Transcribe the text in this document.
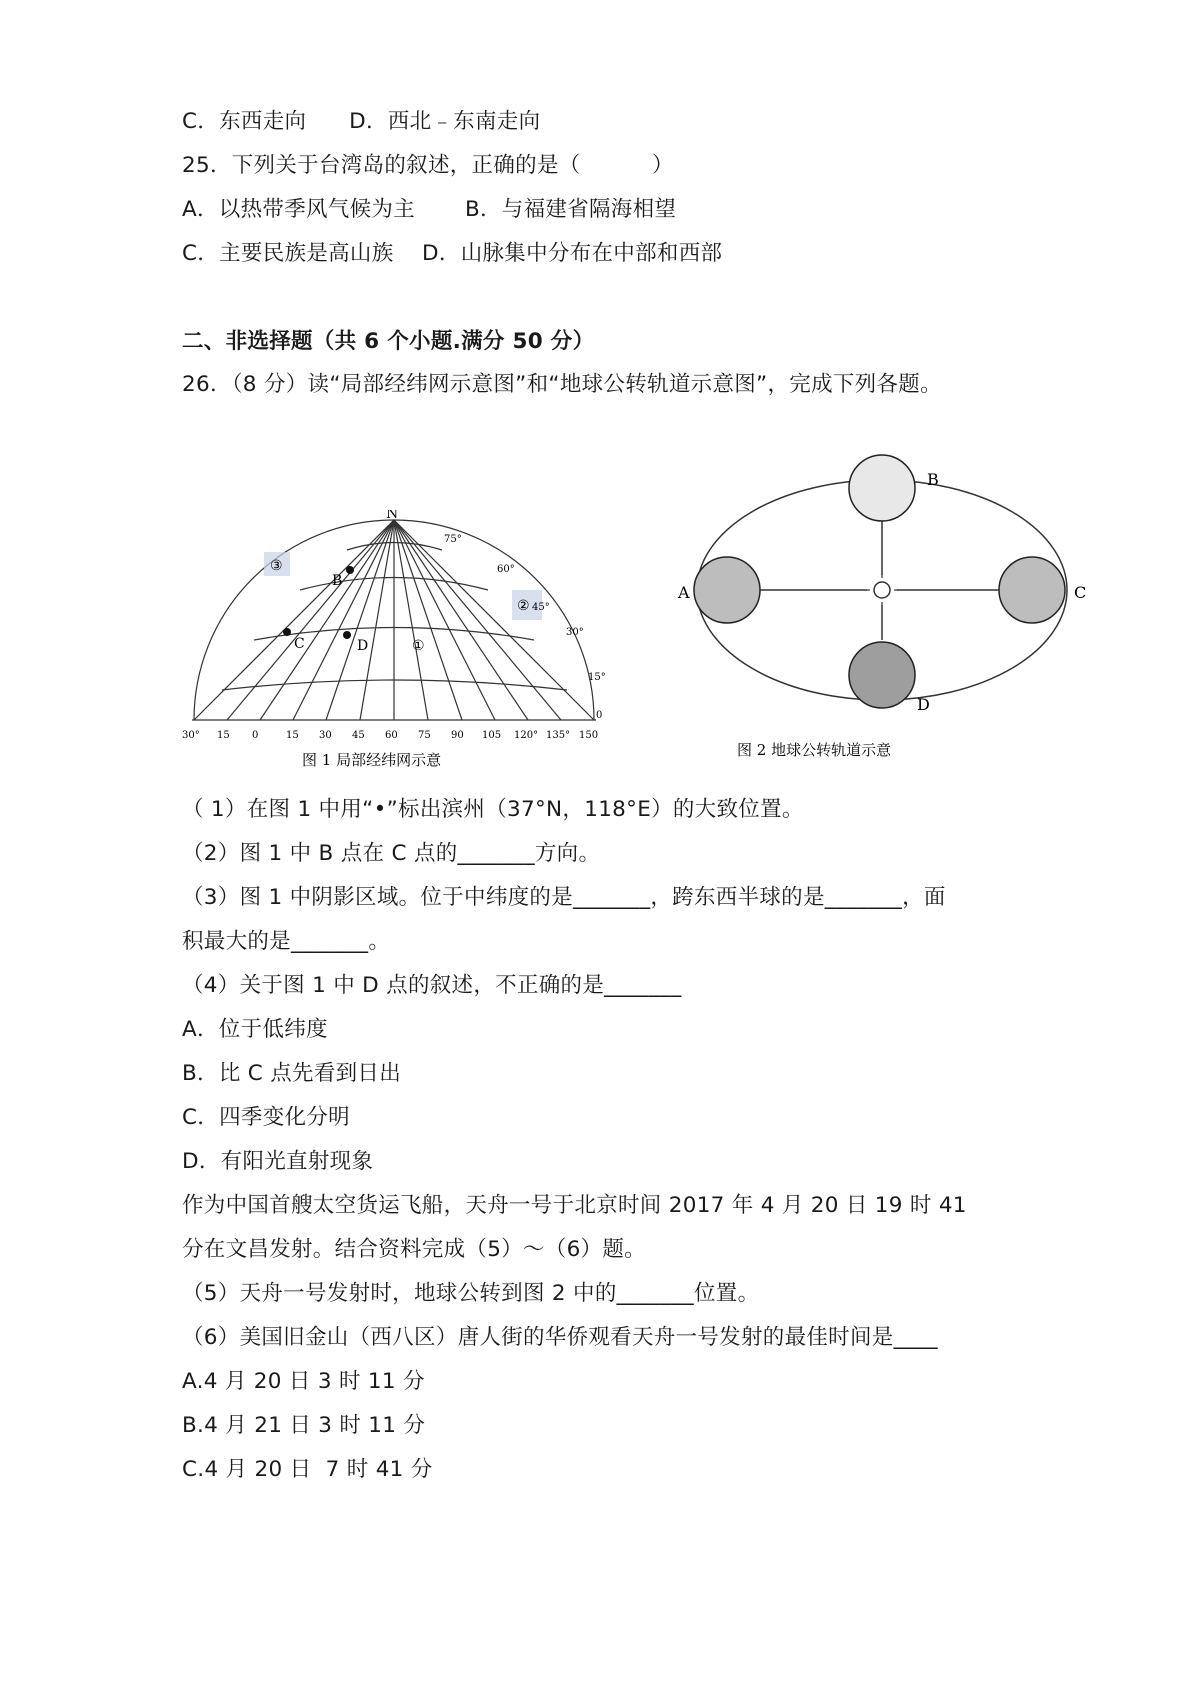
C．东西走向      D．西北﹣东南走向
25．下列关于台湾岛的叙述，正确的是（          ）
A．以热带季风气候为主       B．与福建省隔海相望
C．主要民族是高山族    D．山脉集中分布在中部和西部
二、非选择题（共 6 个小题.满分 50 分）
26．（8 分）读“局部经纬网示意图”和“地球公转轨道示意图”，完成下列各题。
③
②
①
B
C	D
N
75°
60°
45°
30°
15°
0
30° 15 0	15 30 45 60 75 90 105 120° 135° 150
图 1 局部经纬网示意
A
B
C
D
图 2 地球公转轨道示意
（ 1）在图 1 中用“•”标出滨州（37°N，118°E）的大致位置。
（2）图 1 中 B 点在 C 点的_______方向。
（3）图 1 中阴影区域。位于中纬度的是_______，跨东西半球的是_______，面
积最大的是_______。
（4）关于图 1 中 D 点的叙述，不正确的是_______
A．位于低纬度
B．比 C 点先看到日出
C．四季变化分明
D．有阳光直射现象
作为中国首艘太空货运飞船，天舟一号于北京时间 2017 年 4 月 20 日 19 时 41
分在文昌发射。结合资料完成（5）～（6）题。
（5）天舟一号发射时，地球公转到图 2 中的_______位置。
（6）美国旧金山（西八区）唐人街的华侨观看天舟一号发射的最佳时间是____
A.4 月 20 日 3 时 11 分
B.4 月 21 日 3 时 11 分
C.4 月 20 日  7 时 41 分
